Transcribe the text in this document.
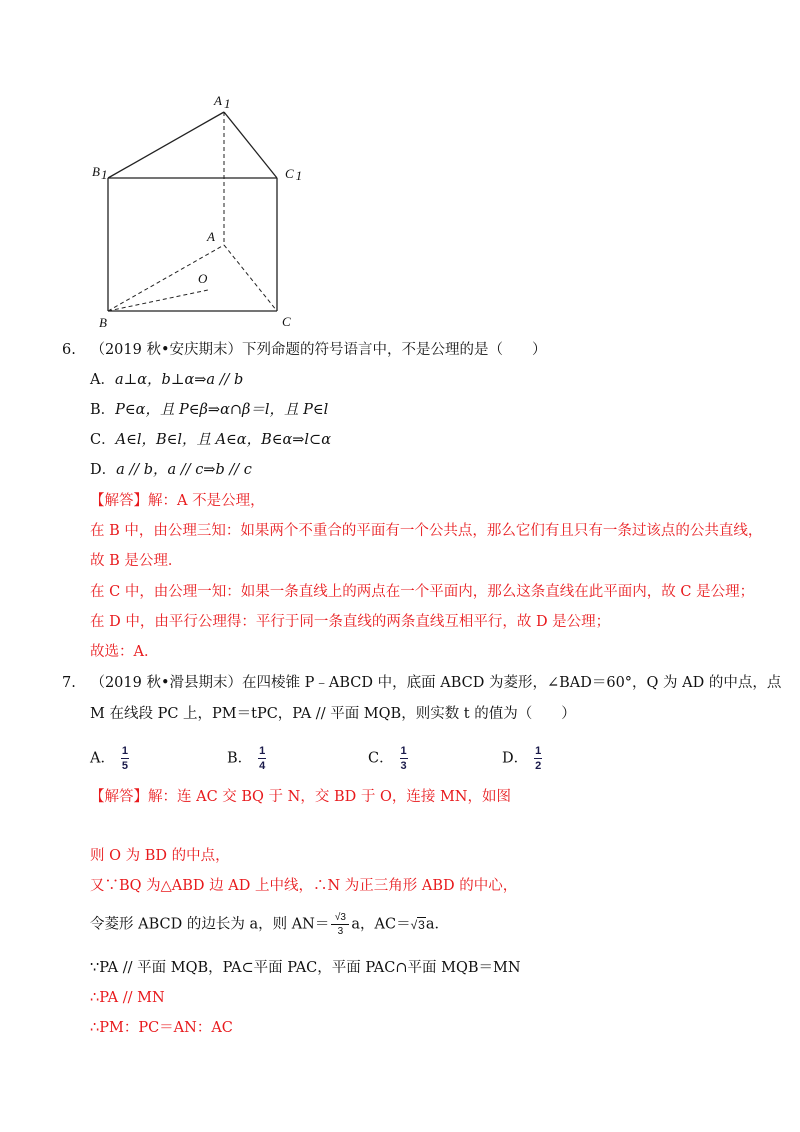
A 1
B1	C 1
A
O
B	C
6. （2019 秋•安庆期末）下列命题的符号语言中，不是公理的是（　　）
A．a⊥α，b⊥α⇒a // b
B．P∈α，且 P∈β⇒α∩β＝l，且 P∈l
C．A∈l，B∈l，且 A∈α，B∈α⇒l⊂α
D．a // b，a // c⇒b // c
【解答】解：A 不是公理，
在 B 中，由公理三知：如果两个不重合的平面有一个公共点，那么它们有且只有一条过该点的公共直线，
故 B 是公理．
在 C 中，由公理一知：如果一条直线上的两点在一个平面内，那么这条直线在此平面内，故 C 是公理；
在 D 中，由平行公理得：平行于同一条直线的两条直线互相平行，故 D 是公理；
故选：A．
7. （2019 秋•滑县期末）在四棱锥 P﹣ABCD 中，底面 ABCD 为菱形，∠BAD＝60°，Q 为 AD 的中点，点
M 在线段 PC 上，PM＝tPC，PA // 平面 MQB，则实数 t 的值为（　　）
A． $\frac{1}{5}$	B． $\frac{1}{4}$	C． $\frac{1}{3}$	D． $\frac{1}{2}$
【解答】解：连 AC 交 BQ 于 N，交 BD 于 O，连接 MN，如图
则 O 为 BD 的中点，
又∵BQ 为△ABD 边 AD 上中线，∴N 为正三角形 ABD 的中心，
令菱形 ABCD 的边长为 a，则 $AN= \frac{√3}{3}$ a，AC＝√3a．
∵PA // 平面 MQB，PA⊂平面 PAC，平面 PAC∩平面 MQB＝MN
∴PA // MN
∴PM：PC＝AN：AC
